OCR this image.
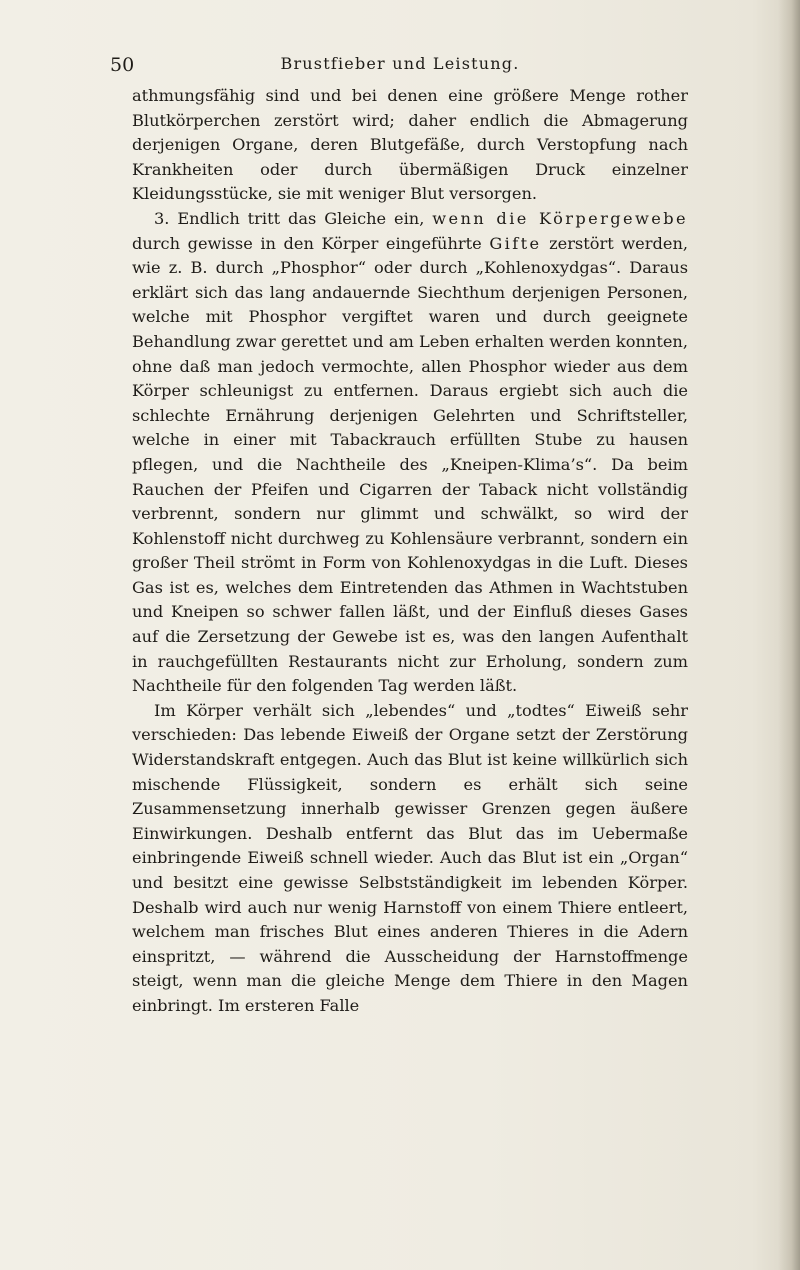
50	Brustfieber und Leistung.

athmungsfähig sind und bei denen eine größere Menge rother Blutkörperchen zerstört wird; daher endlich die Abmagerung derjenigen Organe, deren Blutgefäße, durch Verstopfung nach Krankheiten oder durch übermäßigen Druck einzelner Kleidungsstücke, sie mit weniger Blut versorgen.

3. Endlich tritt das Gleiche ein, wenn die Körpergewebe durch gewisse in den Körper eingeführte Gifte zerstört werden, wie z. B. durch „Phosphor“ oder durch „Kohlenoxydgas“. Daraus erklärt sich das lang andauernde Siechthum derjenigen Personen, welche mit Phosphor vergiftet waren und durch geeignete Behandlung zwar gerettet und am Leben erhalten werden konnten, ohne daß man jedoch vermochte, allen Phosphor wieder aus dem Körper schleunigst zu entfernen. Daraus ergiebt sich auch die schlechte Ernährung derjenigen Gelehrten und Schriftsteller, welche in einer mit Tabackrauch erfüllten Stube zu hausen pflegen, und die Nachtheile des „Kneipen-Klima’s“. Da beim Rauchen der Pfeifen und Cigarren der Taback nicht vollständig verbrennt, sondern nur glimmt und schwälkt, so wird der Kohlenstoff nicht durchweg zu Kohlensäure verbrannt, sondern ein großer Theil strömt in Form von Kohlenoxydgas in die Luft. Dieses Gas ist es, welches dem Eintretenden das Athmen in Wachtstuben und Kneipen so schwer fallen läßt, und der Einfluß dieses Gases auf die Zersetzung der Gewebe ist es, was den langen Aufenthalt in rauchgefüllten Restaurants nicht zur Erholung, sondern zum Nachtheile für den folgenden Tag werden läßt.

Im Körper verhält sich „lebendes“ und „todtes“ Eiweiß sehr verschieden: Das lebende Eiweiß der Organe setzt der Zerstörung Widerstandskraft entgegen. Auch das Blut ist keine willkürlich sich mischende Flüssigkeit, sondern es erhält sich seine Zusammensetzung innerhalb gewisser Grenzen gegen äußere Einwirkungen. Deshalb entfernt das Blut das im Uebermaße einbringende Eiweiß schnell wieder. Auch das Blut ist ein „Organ“ und besitzt eine gewisse Selbstständigkeit im lebenden Körper. Deshalb wird auch nur wenig Harnstoff von einem Thiere entleert, welchem man frisches Blut eines anderen Thieres in die Adern einspritzt, — während die Ausscheidung der Harnstoffmenge steigt, wenn man die gleiche Menge dem Thiere in den Magen einbringt. Im ersteren Falle
